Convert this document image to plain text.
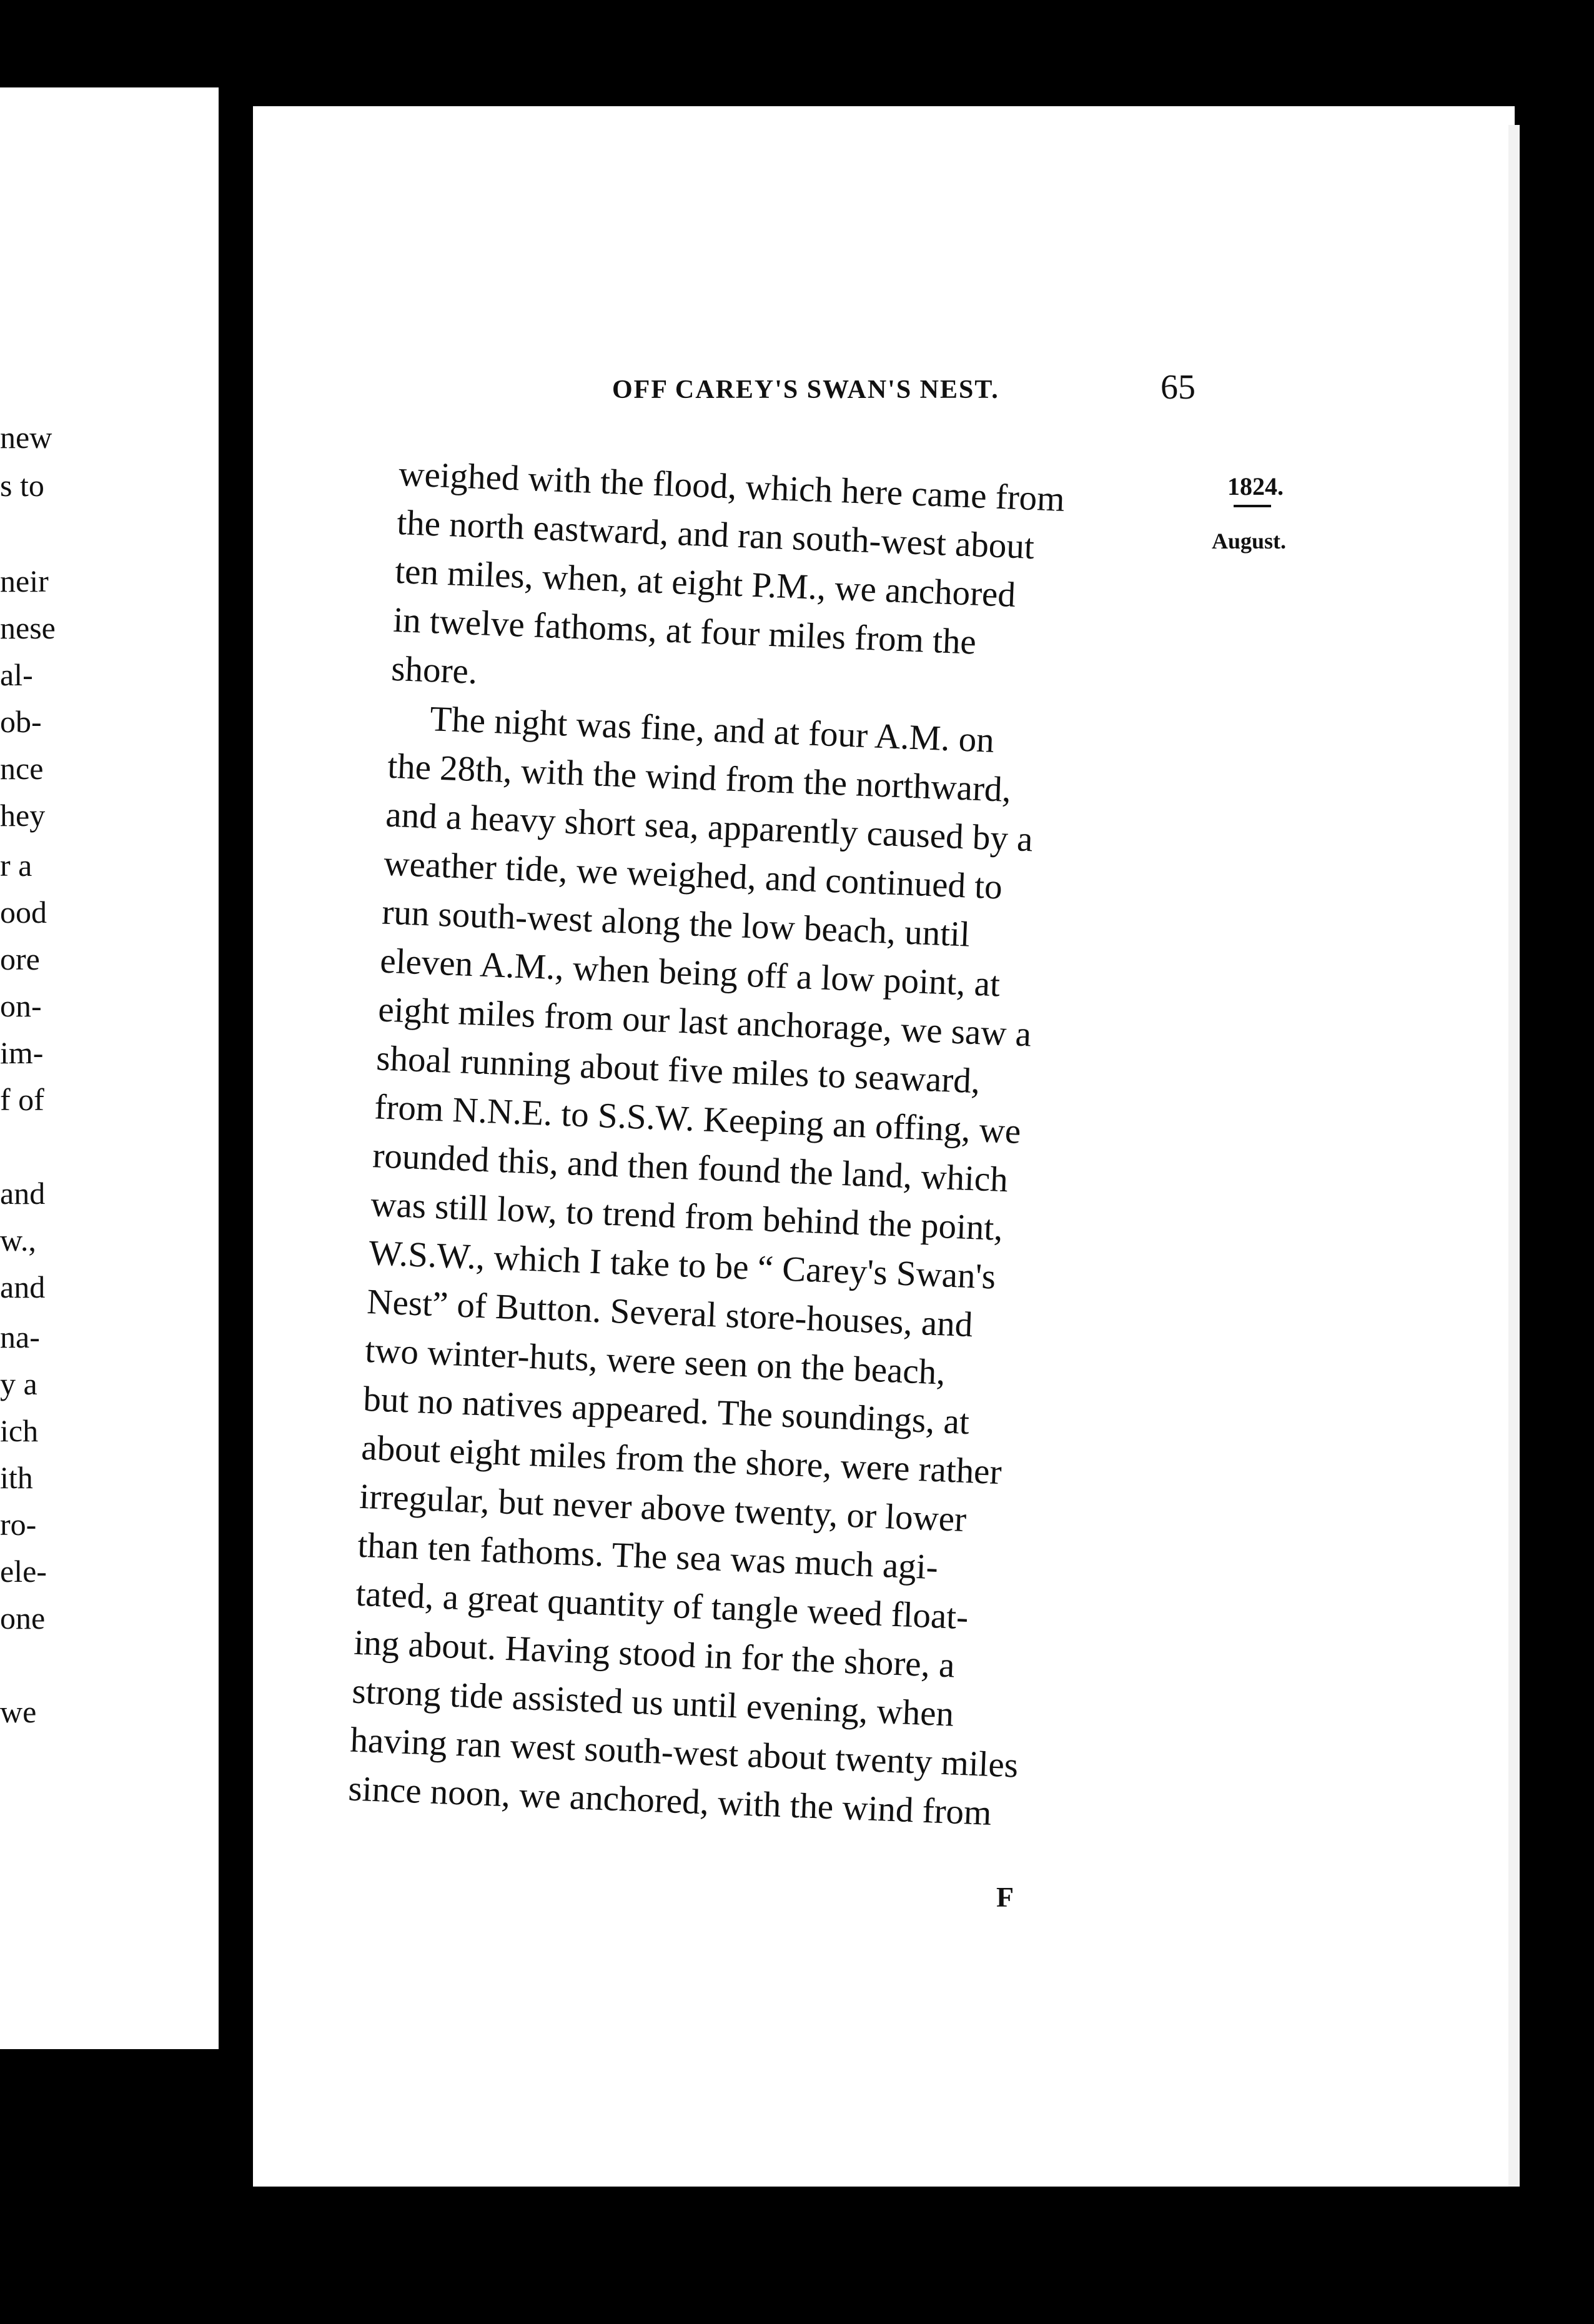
new
s to
neir
nese
al-
ob-
nce
hey
r a
ood
ore
on-
im-
f of
and
w.,
and
na-
y a
ich
ith
ro-
ele-
one
we
OFF CAREY'S SWAN'S NEST.	65
1824.
August.
weighed with the flood, which here came from
the north eastward, and ran south-west about
ten miles, when, at eight P.M., we anchored
in twelve fathoms, at four miles from the
shore.
The night was fine, and at four A.M. on
the 28th, with the wind from the northward,
and a heavy short sea, apparently caused by a
weather tide, we weighed, and continued to
run south-west along the low beach, until
eleven A.M., when being off a low point, at
eight miles from our last anchorage, we saw a
shoal running about five miles to seaward,
from N.N.E. to S.S.W. Keeping an offing, we
rounded this, and then found the land, which
was still low, to trend from behind the point,
W.S.W., which I take to be “ Carey's Swan's
Nest” of Button. Several store-houses, and
two winter-huts, were seen on the beach,
but no natives appeared. The soundings, at
about eight miles from the shore, were rather
irregular, but never above twenty, or lower
than ten fathoms. The sea was much agi-
tated, a great quantity of tangle weed float-
ing about. Having stood in for the shore, a
strong tide assisted us until evening, when
having ran west south-west about twenty miles
since noon, we anchored, with the wind from
F
